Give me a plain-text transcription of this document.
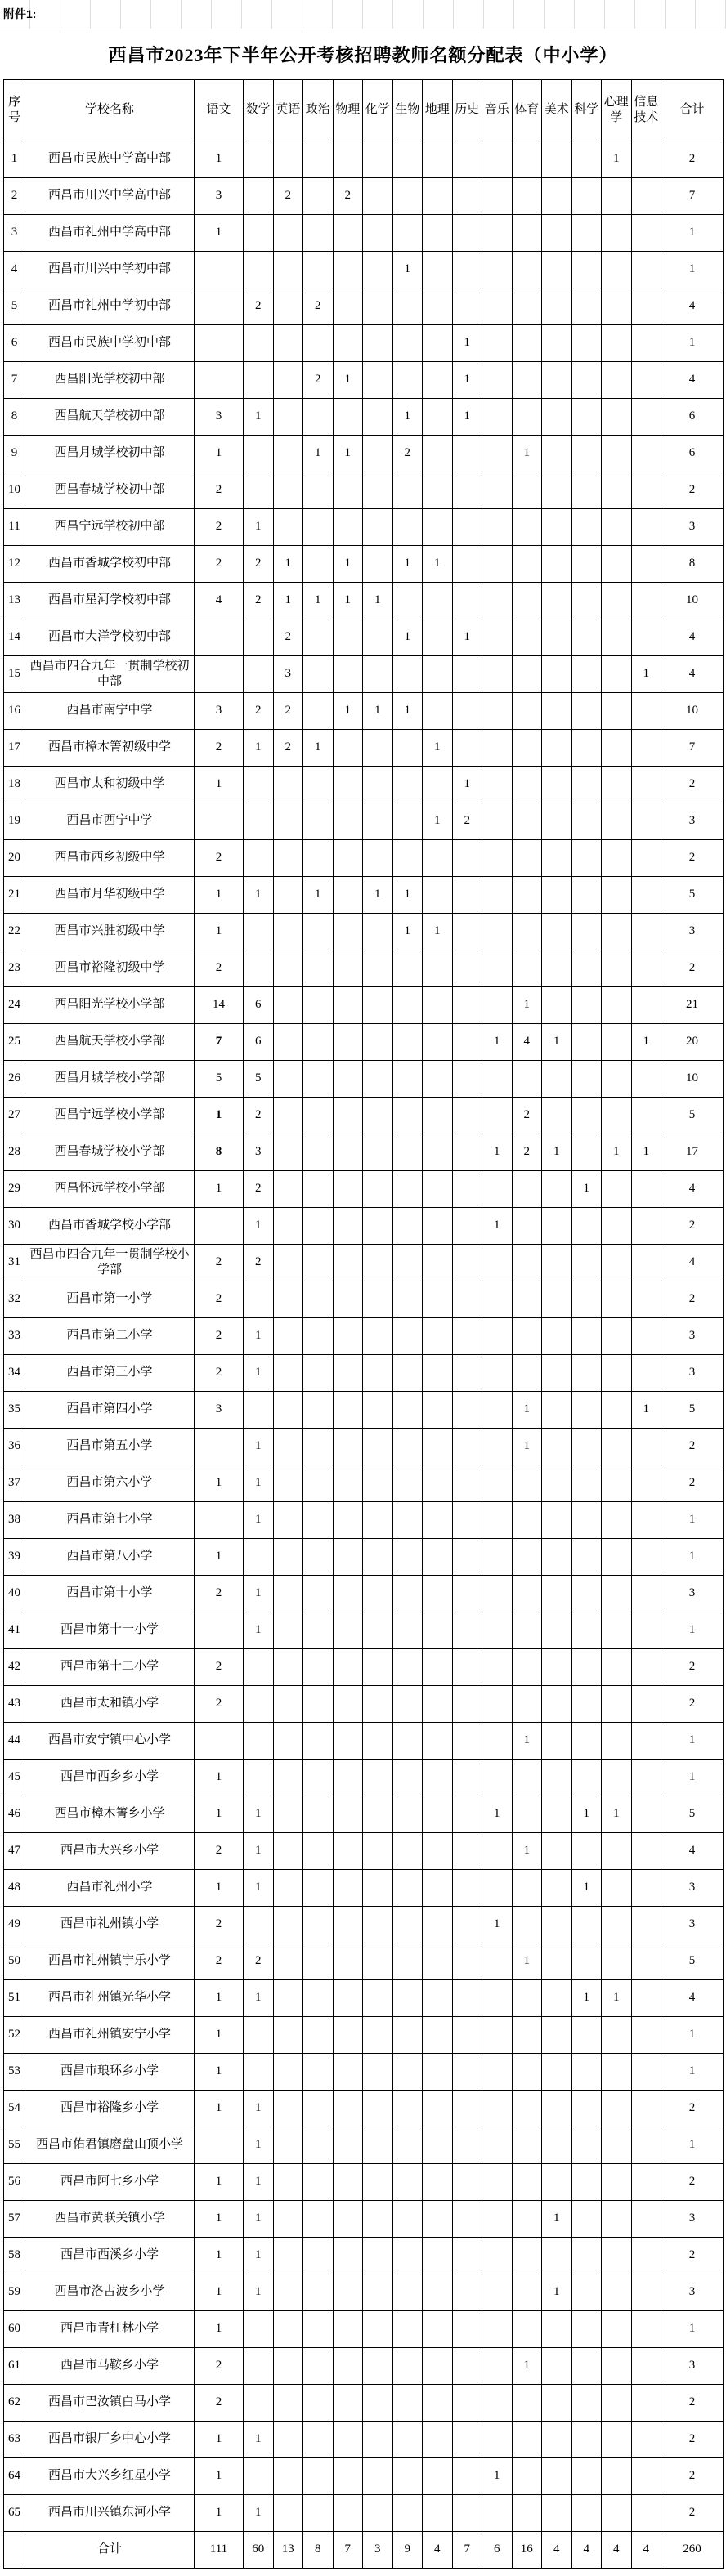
附件1:
西昌市2023年下半年公开考核招聘教师名额分配表（中小学）
序号	学校名称	语文	数学	英语	政治	物理	化学	生物	地理	历史	音乐	体育	美术	科学	心理学	信息技术	合计
1	西昌市民族中学高中部	1													1		2
2	西昌市川兴中学高中部	3		2		2											7
3	西昌市礼州中学高中部	1															1
4	西昌市川兴中学初中部							1									1
5	西昌市礼州中学初中部		2		2												4
6	西昌市民族中学初中部									1							1
7	西昌阳光学校初中部				2	1				1							4
8	西昌航天学校初中部	3	1					1		1							6
9	西昌月城学校初中部	1			1	1		2				1					6
10	西昌春城学校初中部	2															2
11	西昌宁远学校初中部	2	1														3
12	西昌市香城学校初中部	2	2	1		1		1	1								8
13	西昌市星河学校初中部	4	2	1	1	1	1										10
14	西昌市大洋学校初中部			2				1		1							4
15	西昌市四合九年一贯制学校初中部			3												1	4
16	西昌市南宁中学	3	2	2		1	1	1									10
17	西昌市樟木箐初级中学	2	1	2	1				1								7
18	西昌市太和初级中学	1								1							2
19	西昌市西宁中学								1	2							3
20	西昌市西乡初级中学	2															2
21	西昌市月华初级中学	1	1		1		1	1									5
22	西昌市兴胜初级中学	1						1	1								3
23	西昌市裕隆初级中学	2															2
24	西昌阳光学校小学部	14	6									1					21
25	西昌航天学校小学部	7	6								1	4	1			1	20
26	西昌月城学校小学部	5	5														10
27	西昌宁远学校小学部	1	2									2					5
28	西昌春城学校小学部	8	3								1	2	1		1	1	17
29	西昌怀远学校小学部	1	2											1			4
30	西昌市香城学校小学部		1								1						2
31	西昌市四合九年一贯制学校小学部	2	2														4
32	西昌市第一小学	2															2
33	西昌市第二小学	2	1														3
34	西昌市第三小学	2	1														3
35	西昌市第四小学	3										1				1	5
36	西昌市第五小学		1									1					2
37	西昌市第六小学	1	1														2
38	西昌市第七小学		1														1
39	西昌市第八小学	1															1
40	西昌市第十小学	2	1														3
41	西昌市第十一小学		1														1
42	西昌市第十二小学	2															2
43	西昌市太和镇小学	2															2
44	西昌市安宁镇中心小学											1					1
45	西昌市西乡乡小学	1															1
46	西昌市樟木箐乡小学	1	1								1			1	1		5
47	西昌市大兴乡小学	2	1									1					4
48	西昌市礼州小学	1	1											1			3
49	西昌市礼州镇小学	2									1						3
50	西昌市礼州镇宁乐小学	2	2									1					5
51	西昌市礼州镇光华小学	1	1											1	1		4
52	西昌市礼州镇安宁小学	1															1
53	西昌市琅环乡小学	1															1
54	西昌市裕隆乡小学	1	1														2
55	西昌市佑君镇磨盘山顶小学		1														1
56	西昌市阿七乡小学	1	1														2
57	西昌市黄联关镇小学	1	1										1				3
58	西昌市西溪乡小学	1	1														2
59	西昌市洛古波乡小学	1	1										1				3
60	西昌市青杠林小学	1															1
61	西昌市马鞍乡小学	2										1					3
62	西昌市巴汝镇白马小学	2															2
63	西昌市银厂乡中心小学	1	1														2
64	西昌市大兴乡红星小学	1									1						2
65	西昌市川兴镇东河小学	1	1														2
	合计	111	60	13	8	7	3	9	4	7	6	16	4	4	4	4	260
